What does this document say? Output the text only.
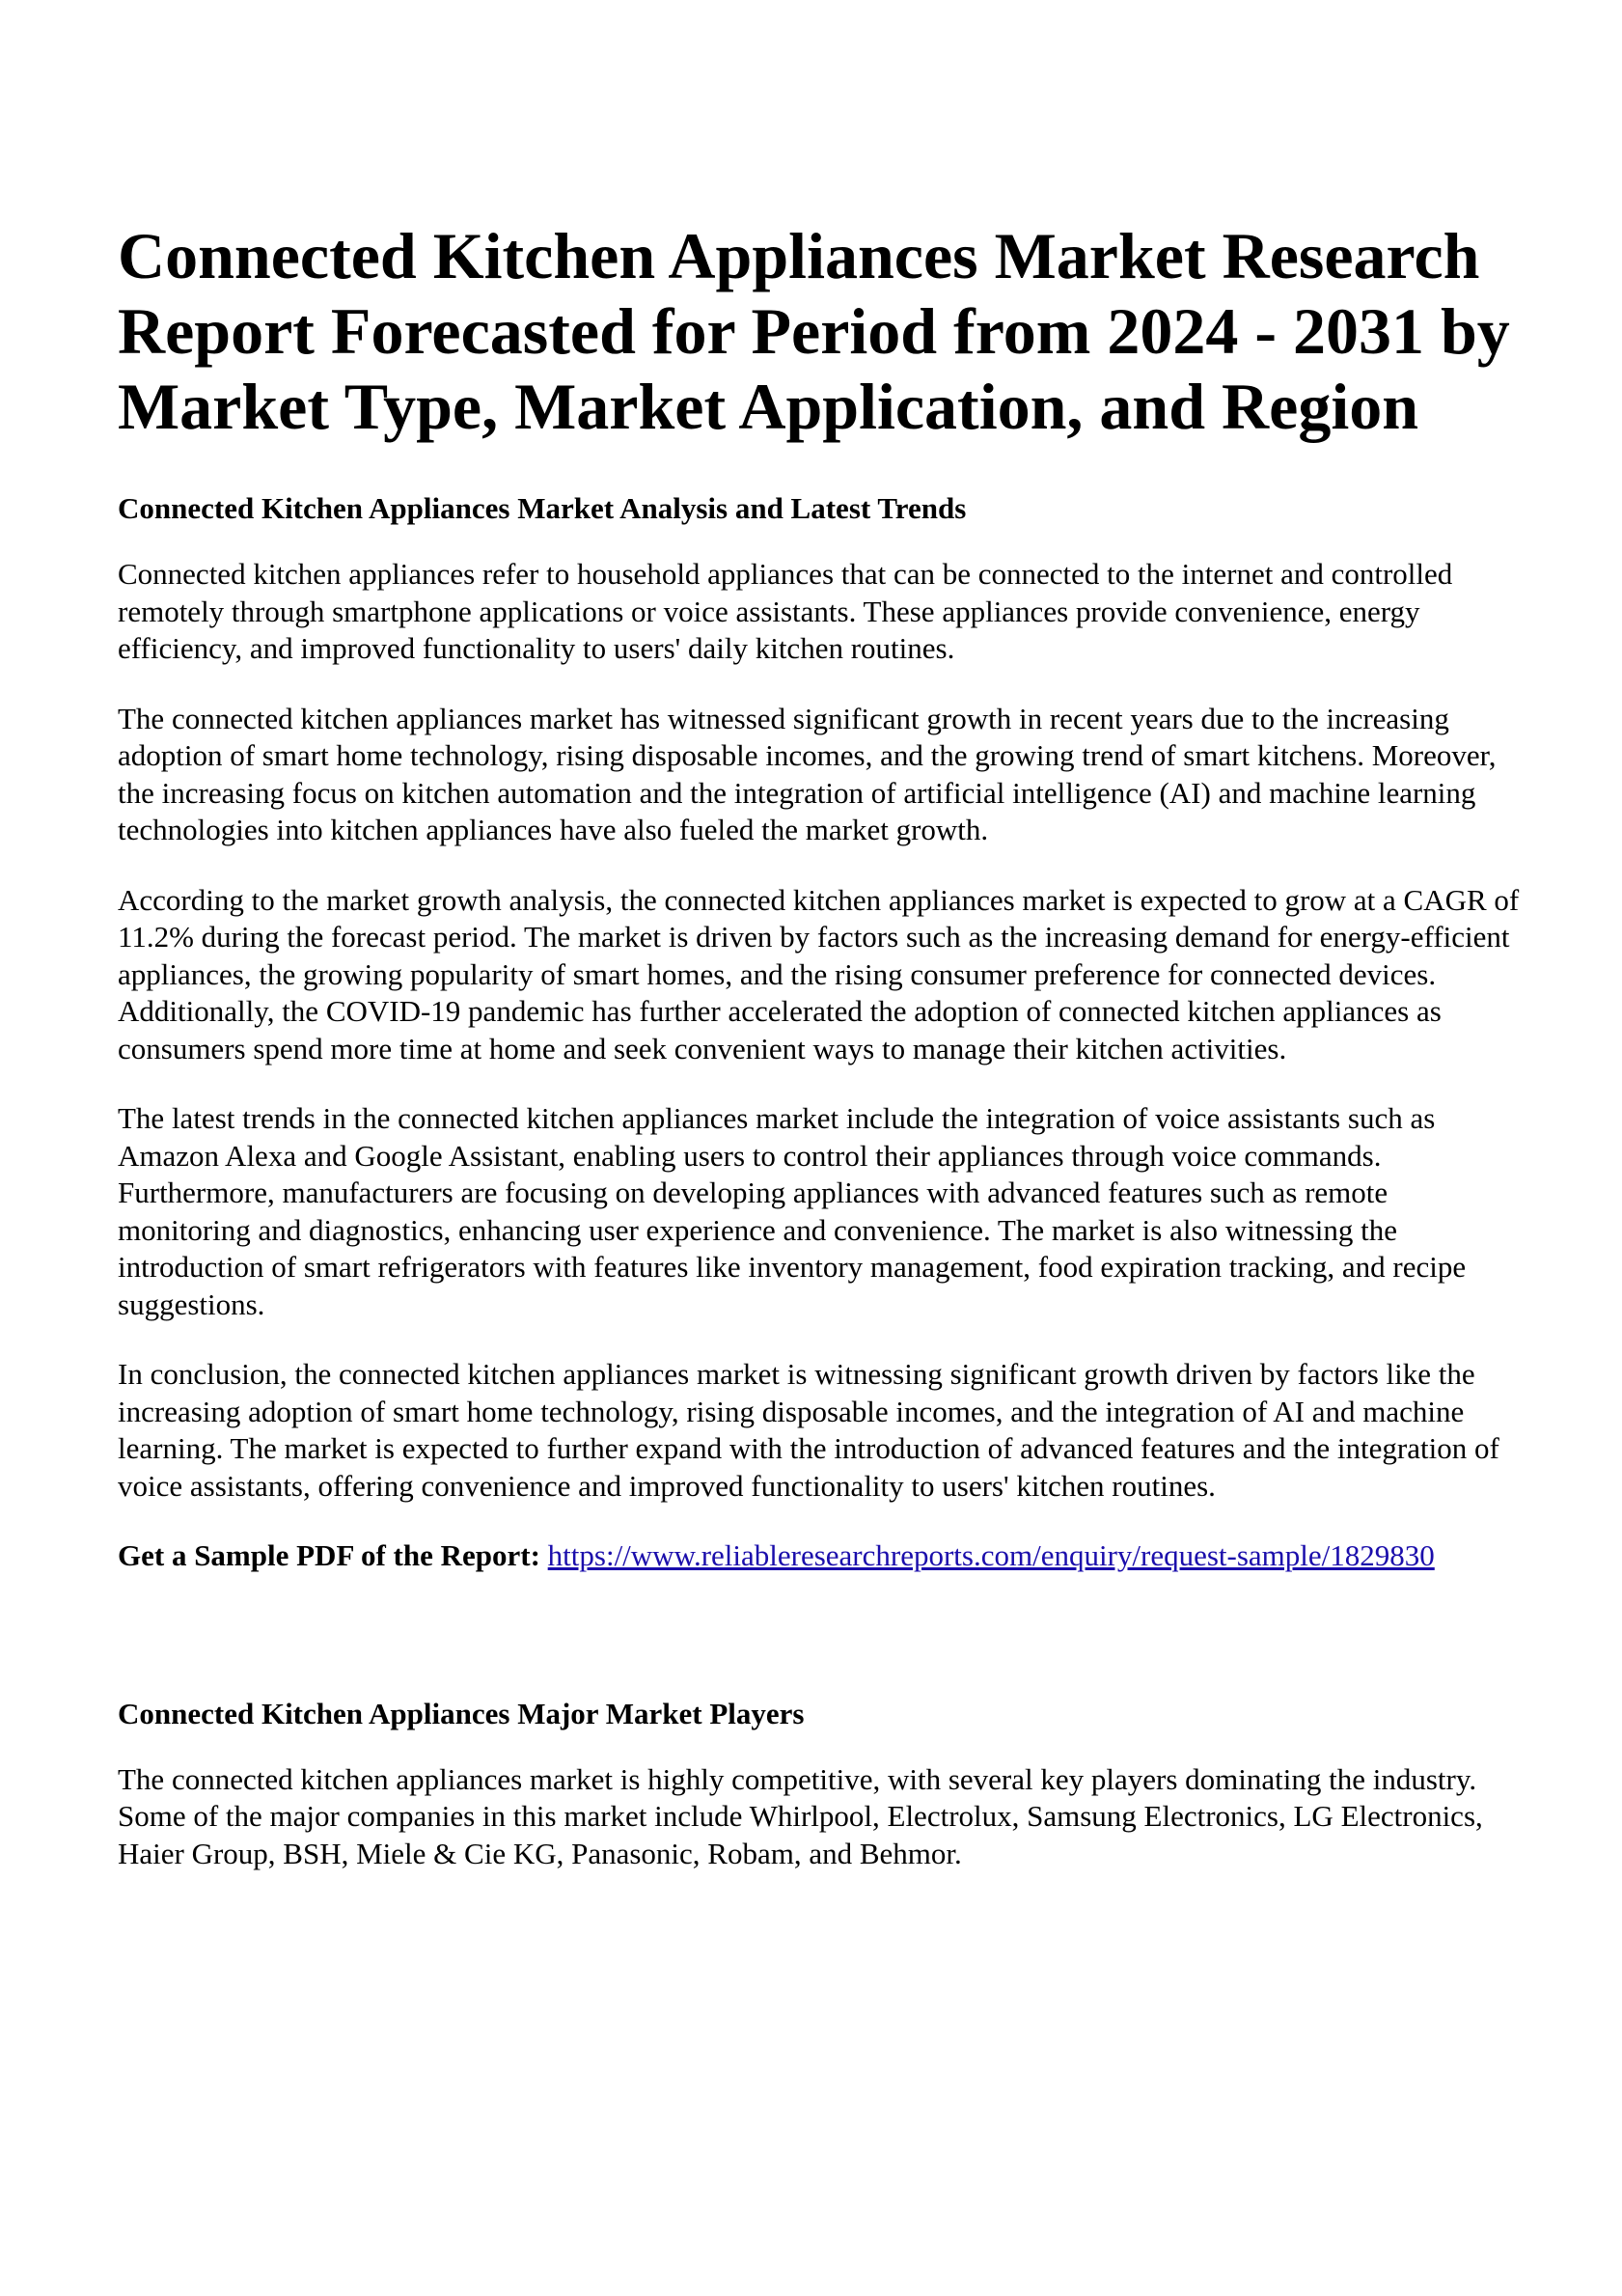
Connected Kitchen Appliances Market Research Report Forecasted for Period from 2024 - 2031 by Market Type, Market Application, and Region
Connected Kitchen Appliances Market Analysis and Latest Trends

Connected kitchen appliances refer to household appliances that can be connected to the internet and controlled remotely through smartphone applications or voice assistants. These appliances provide convenience, energy efficiency, and improved functionality to users' daily kitchen routines.

The connected kitchen appliances market has witnessed significant growth in recent years due to the increasing adoption of smart home technology, rising disposable incomes, and the growing trend of smart kitchens. Moreover, the increasing focus on kitchen automation and the integration of artificial intelligence (AI) and machine learning technologies into kitchen appliances have also fueled the market growth.

According to the market growth analysis, the connected kitchen appliances market is expected to grow at a CAGR of 11.2% during the forecast period. The market is driven by factors such as the increasing demand for energy-efficient appliances, the growing popularity of smart homes, and the rising consumer preference for connected devices. Additionally, the COVID-19 pandemic has further accelerated the adoption of connected kitchen appliances as consumers spend more time at home and seek convenient ways to manage their kitchen activities.

The latest trends in the connected kitchen appliances market include the integration of voice assistants such as Amazon Alexa and Google Assistant, enabling users to control their appliances through voice commands. Furthermore, manufacturers are focusing on developing appliances with advanced features such as remote monitoring and diagnostics, enhancing user experience and convenience. The market is also witnessing the introduction of smart refrigerators with features like inventory management, food expiration tracking, and recipe suggestions.

In conclusion, the connected kitchen appliances market is witnessing significant growth driven by factors like the increasing adoption of smart home technology, rising disposable incomes, and the integration of AI and machine learning. The market is expected to further expand with the introduction of advanced features and the integration of voice assistants, offering convenience and improved functionality to users' kitchen routines.

Get a Sample PDF of the Report: https://www.reliableresearchreports.com/enquiry/request-sample/1829830

Connected Kitchen Appliances Major Market Players

The connected kitchen appliances market is highly competitive, with several key players dominating the industry. Some of the major companies in this market include Whirlpool, Electrolux, Samsung Electronics, LG Electronics, Haier Group, BSH, Miele & Cie KG, Panasonic, Robam, and Behmor.
